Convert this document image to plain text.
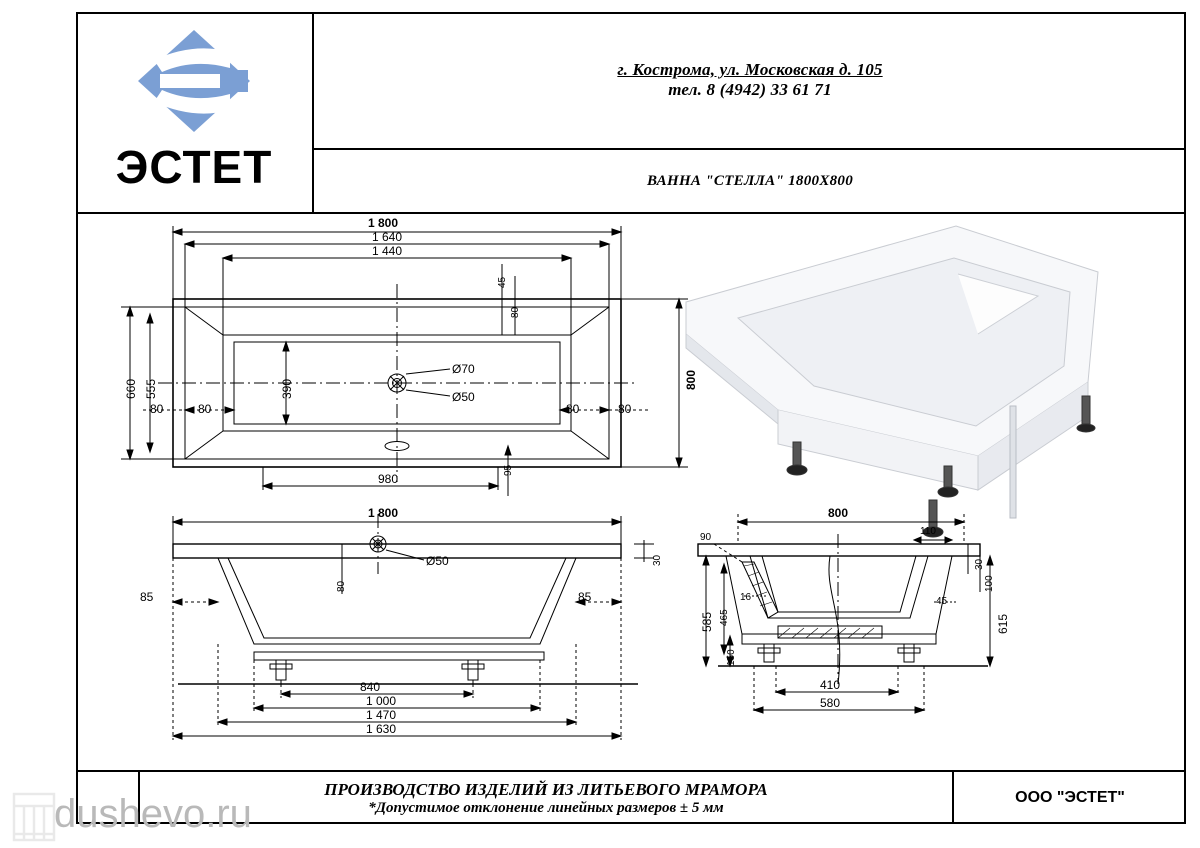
ЭСТЕТ
г. Кострома, ул. Московская д. 105
тел. 8 (4942) 33 61 71
ВАННА "СТЕЛЛА" 1800Х800
1 800
1 640
1 440
980
800
660 555	390
80	80	80	80
80
45
95
Ø70
Ø50
1 800
840
1 000
1 470
1 630
85	85
30
80
Ø50
800
110
90
16	45
30
100
150
465
585	615
410
580
ПРОИЗВОДСТВО ИЗДЕЛИЙ ИЗ ЛИТЬЕВОГО МРАМОРА
*Допустимое отклонение линейных размеров ± 5 мм
ООО "ЭСТЕТ"
dushevo.ru
